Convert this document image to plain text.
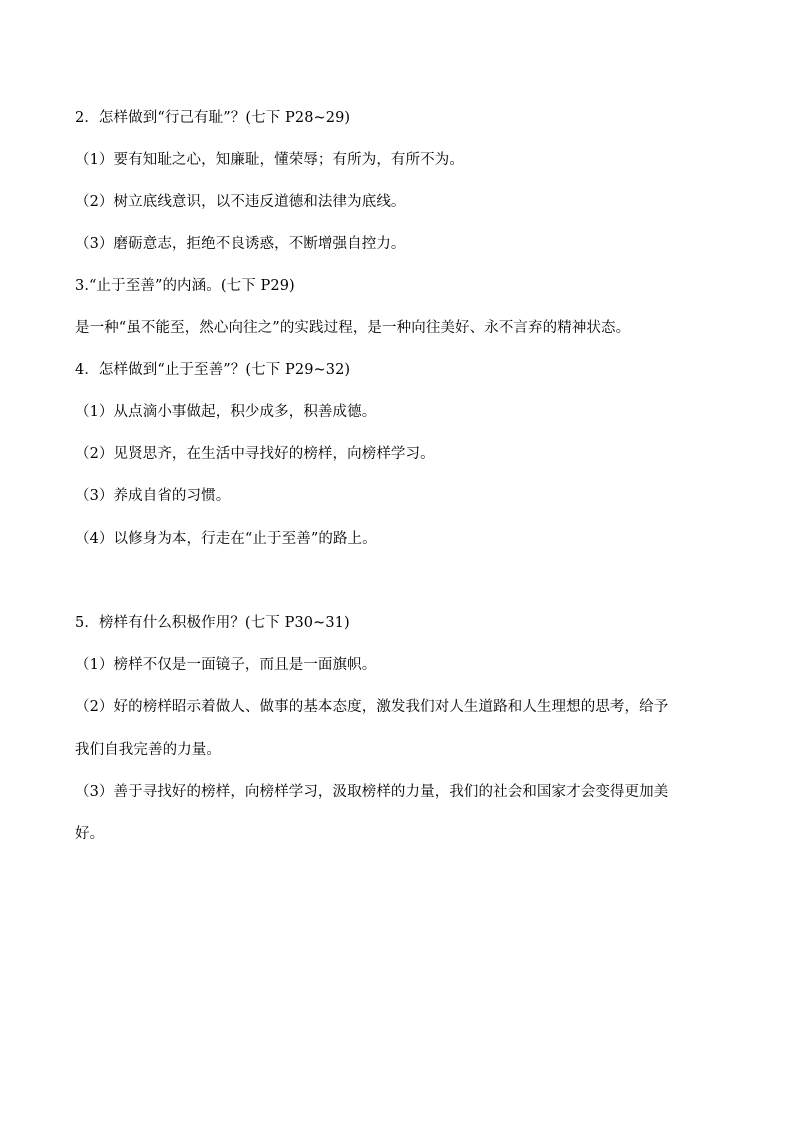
2．怎样做到“行己有耻”？(七下 P28~29)
（1）要有知耻之心，知廉耻，懂荣辱；有所为，有所不为。
（2）树立底线意识，以不违反道德和法律为底线。
（3）磨砺意志，拒绝不良诱惑，不断增强自控力。
3.“止于至善”的内涵。(七下 P29)
是一种“虽不能至，然心向往之”的实践过程，是一种向往美好、永不言弃的精神状态。
4．怎样做到“止于至善”？(七下 P29~32)
（1）从点滴小事做起，积少成多，积善成德。
（2）见贤思齐，在生活中寻找好的榜样，向榜样学习。
（3）养成自省的习惯。
（4）以修身为本，行走在“止于至善”的路上。
5．榜样有什么积极作用？(七下 P30~31)
（1）榜样不仅是一面镜子，而且是一面旗帜。
（2）好的榜样昭示着做人、做事的基本态度，激发我们对人生道路和人生理想的思考，给予
我们自我完善的力量。
（3）善于寻找好的榜样，向榜样学习，汲取榜样的力量，我们的社会和国家才会变得更加美
好。
